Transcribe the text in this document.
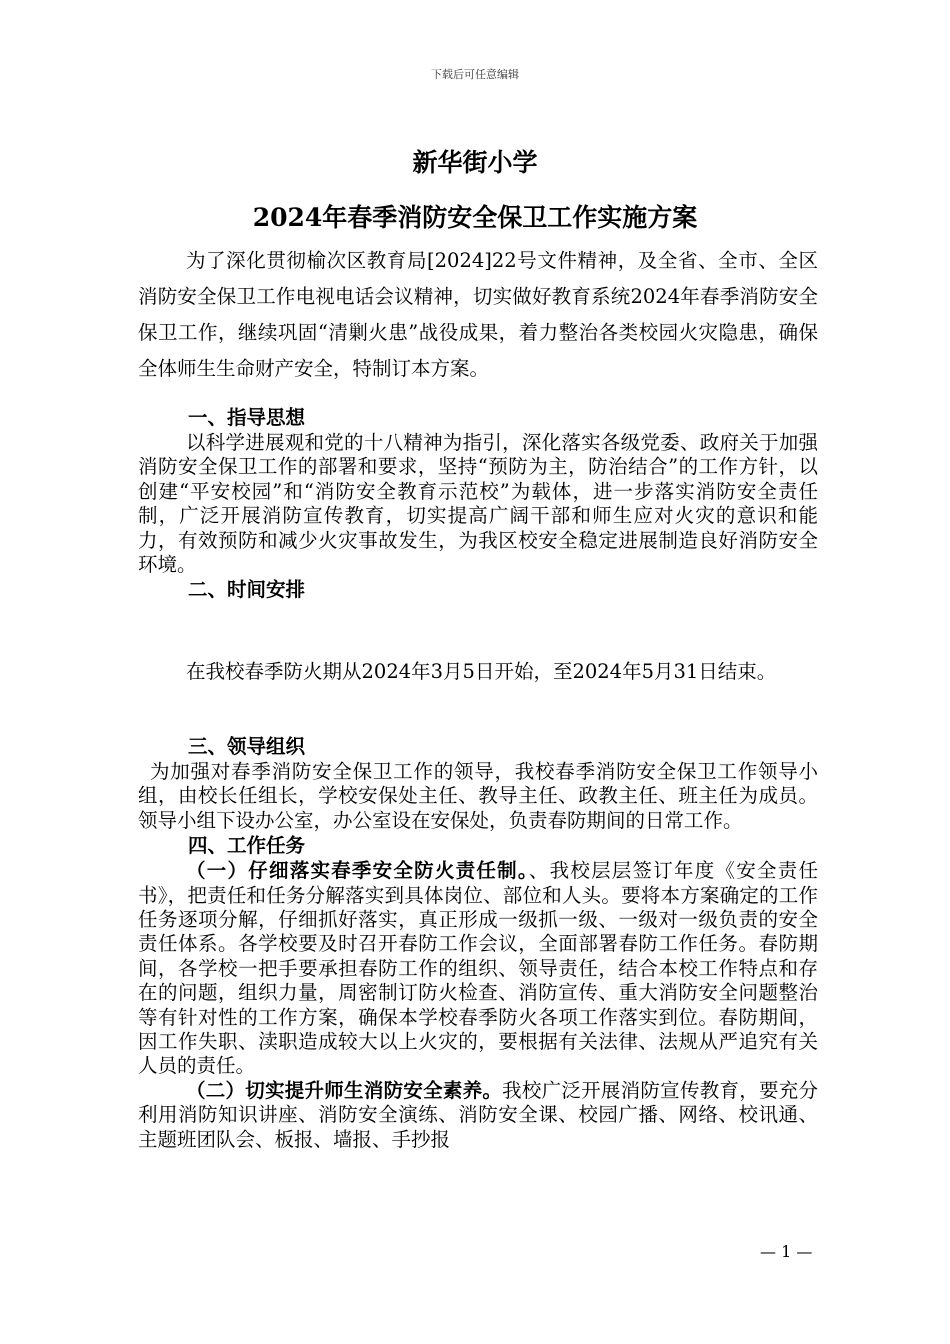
下载后可任意编辑
新华街小学
2024年春季消防安全保卫工作实施方案

为了深化贯彻榆次区教育局[2024]22号文件精神，及全省、全市、全区消防安全保卫工作电视电话会议精神，切实做好教育系统2024年春季消防安全保卫工作，继续巩固“清剿火患”战役成果，着力整治各类校园火灾隐患，确保全体师生生命财产安全，特制订本方案。

一、指导思想

以科学进展观和党的十八精神为指引，深化落实各级党委、政府关于加强消防安全保卫工作的部署和要求，坚持“预防为主，防治结合”的工作方针，以创建“平安校园”和“消防安全教育示范校”为载体，进一步落实消防安全责任制，广泛开展消防宣传教育，切实提高广阔干部和师生应对火灾的意识和能力，有效预防和减少火灾事故发生，为我区校安全稳定进展制造良好消防安全环境。

二、时间安排

在我校春季防火期从2024年3月5日开始，至2024年5月31日结束。

三、领导组织

为加强对春季消防安全保卫工作的领导，我校春季消防安全保卫工作领导小组，由校长任组长，学校安保处主任、教导主任、政教主任、班主任为成员。领导小组下设办公室，办公室设在安保处，负责春防期间的日常工作。

四、工作任务

（一）仔细落实春季安全防火责任制。、我校层层签订年度《安全责任书》，把责任和任务分解落实到具体岗位、部位和人头。要将本方案确定的工作任务逐项分解，仔细抓好落实，真正形成一级抓一级、一级对一级负责的安全责任体系。各学校要及时召开春防工作会议，全面部署春防工作任务。春防期间，各学校一把手要承担春防工作的组织、领导责任，结合本校工作特点和存在的问题，组织力量，周密制订防火检查、消防宣传、重大消防安全问题整治等有针对性的工作方案，确保本学校春季防火各项工作落实到位。春防期间，因工作失职、渎职造成较大以上火灾的，要根据有关法律、法规从严追究有关人员的责任。

（二）切实提升师生消防安全素养。我校广泛开展消防宣传教育，要充分利用消防知识讲座、消防安全演练、消防安全课、校园广播、网络、校讯通、主题班团队会、板报、墙报、手抄报

— 1 —
